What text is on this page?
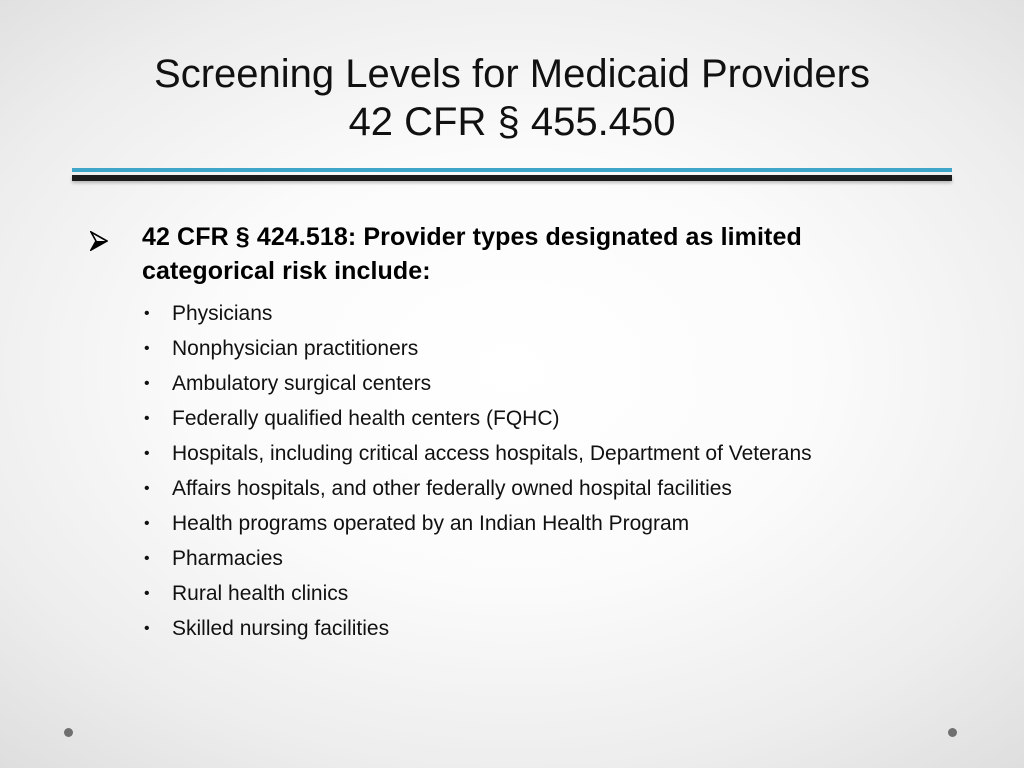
Screening Levels for Medicaid Providers
42 CFR § 455.450
42 CFR § 424.518: Provider types designated as limited categorical risk include:
• Physicians
• Nonphysician practitioners
• Ambulatory surgical centers
• Federally qualified health centers (FQHC)
• Hospitals, including critical access hospitals, Department of Veterans
• Affairs hospitals, and other federally owned hospital facilities
• Health programs operated by an Indian Health Program
• Pharmacies
• Rural health clinics
• Skilled nursing facilities
